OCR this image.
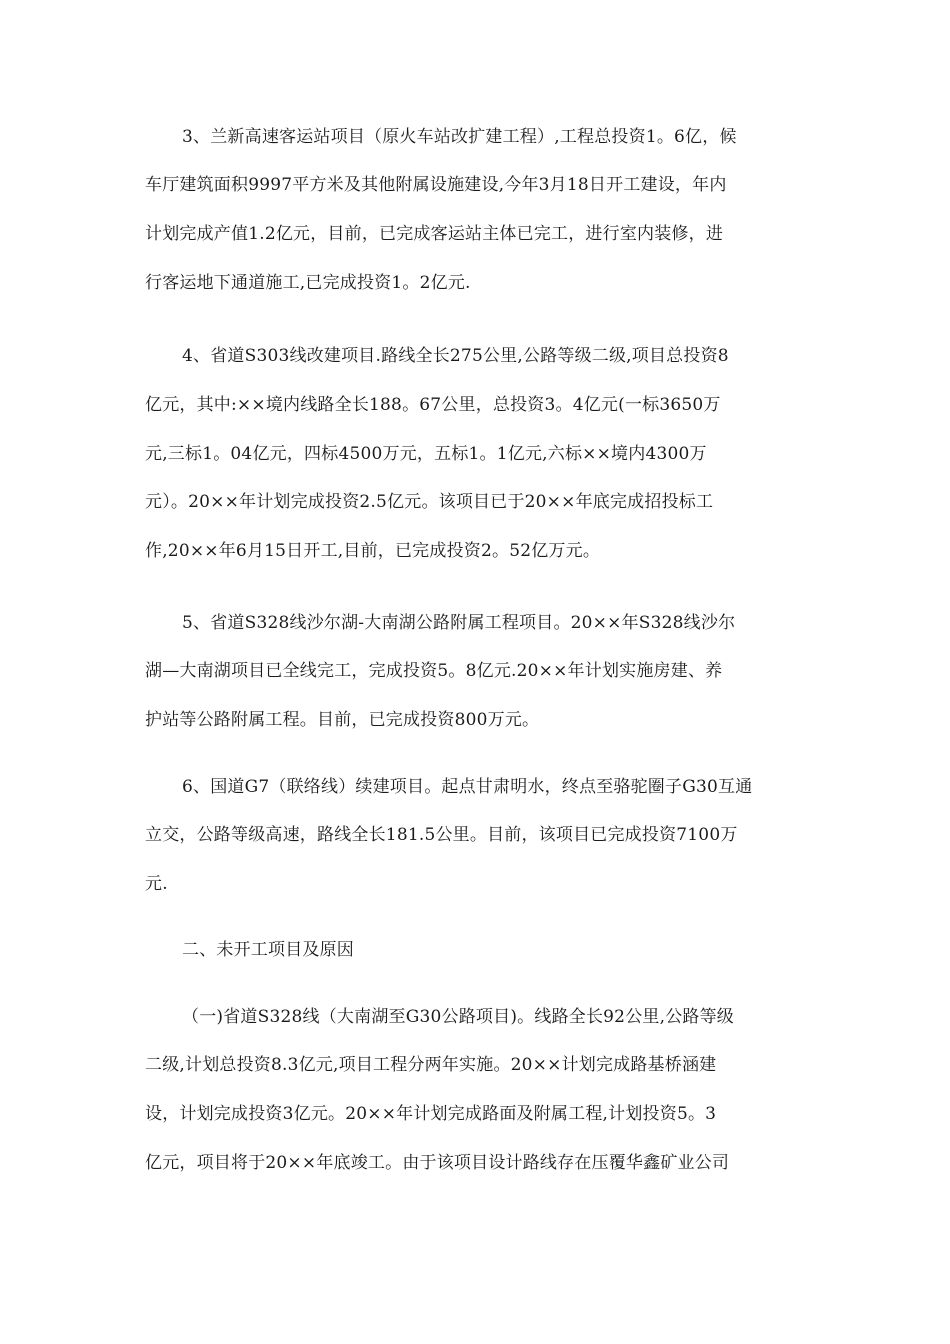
3、兰新高速客运站项目（原火车站改扩建工程）,工程总投资1。6亿，候
车厅建筑面积9997平方米及其他附属设施建设,今年3月18日开工建设，年内
计划完成产值1.2亿元，目前，已完成客运站主体已完工，进行室内装修，进
行客运地下通道施工,已完成投资1。2亿元.
4、省道S303线改建项目.路线全长275公里,公路等级二级,项目总投资8
亿元，其中:××境内线路全长188。67公里，总投资3。4亿元(一标3650万
元,三标1。04亿元，四标4500万元，五标1。1亿元,六标××境内4300万
元）。20××年计划完成投资2.5亿元。该项目已于20××年底完成招投标工
作,20××年6月15日开工,目前，已完成投资2。52亿万元。
5、省道S328线沙尔湖-大南湖公路附属工程项目。20××年S328线沙尔
湖—大南湖项目已全线完工，完成投资5。8亿元.20××年计划实施房建、养
护站等公路附属工程。目前，已完成投资800万元。
6、国道G7（联络线）续建项目。起点甘肃明水，终点至骆驼圈子G30互通
立交，公路等级高速，路线全长181.5公里。目前，该项目已完成投资7100万
元.
二、未开工项目及原因
（一)省道S328线（大南湖至G30公路项目)。线路全长92公里,公路等级
二级,计划总投资8.3亿元,项目工程分两年实施。20××计划完成路基桥涵建
设，计划完成投资3亿元。20××年计划完成路面及附属工程,计划投资5。3
亿元，项目将于20××年底竣工。由于该项目设计路线存在压覆华鑫矿业公司
